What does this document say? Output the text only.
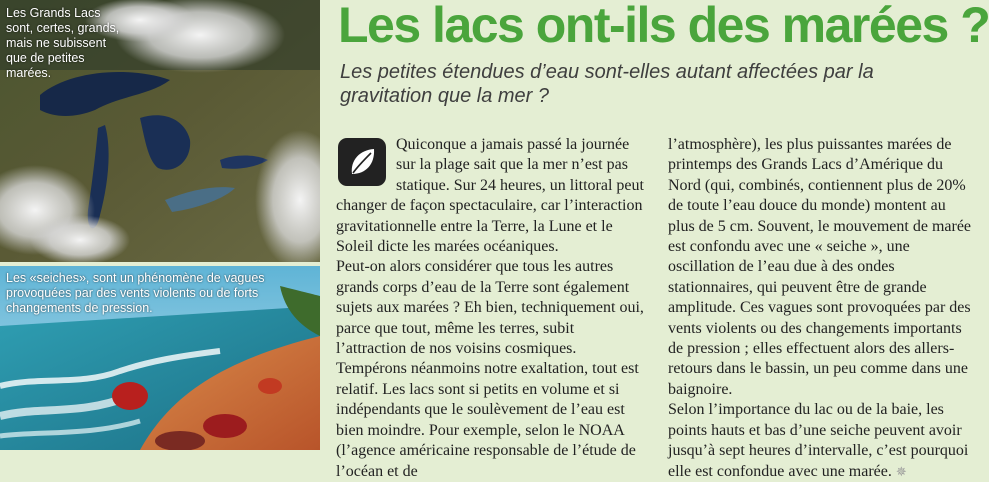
Les Grands Lacs sont, certes, grands, mais ne subissent que de petites marées.
Les «seiches», sont un phénomène de vagues provoquées par des vents violents ou de forts changements de pression.
Les lacs ont-ils des marées ?

Les petites étendues d’eau sont-elles autant affectées par la gravitation que la mer ?

Quiconque a jamais passé la journée sur la plage sait que la mer n’est pas statique. Sur 24 heures, un littoral peut changer de façon spectaculaire, car l’interaction gravitationnelle entre la Terre, la Lune et le Soleil dicte les marées océaniques.

Peut-on alors considérer que tous les autres grands corps d’eau de la Terre sont également sujets aux marées ? Eh bien, techniquement oui, parce que tout, même les terres, subit l’attraction de nos voisins cosmiques. Tempérons néanmoins notre exaltation, tout est relatif. Les lacs sont si petits en volume et si indépendants que le soulèvement de l’eau est bien moindre. Pour exemple, selon le NOAA (l’agence américaine responsable de l’étude de l’océan et de

l’atmosphère), les plus puissantes marées de printemps des Grands Lacs d’Amérique du Nord (qui, combinés, contiennent plus de 20% de toute l’eau douce du monde) montent au plus de 5 cm. Souvent, le mouvement de marée est confondu avec une « seiche », une oscillation de l’eau due à des ondes stationnaires, qui peuvent être de grande amplitude. Ces vagues sont provoquées par des vents violents ou des changements importants de pression ; elles effectuent alors des allers-retours dans le bassin, un peu comme dans une baignoire.

Selon l’importance du lac ou de la baie, les points hauts et bas d’une seiche peuvent avoir jusqu’à sept heures d’intervalle, c’est pourquoi elle est confondue avec une marée. ✵
